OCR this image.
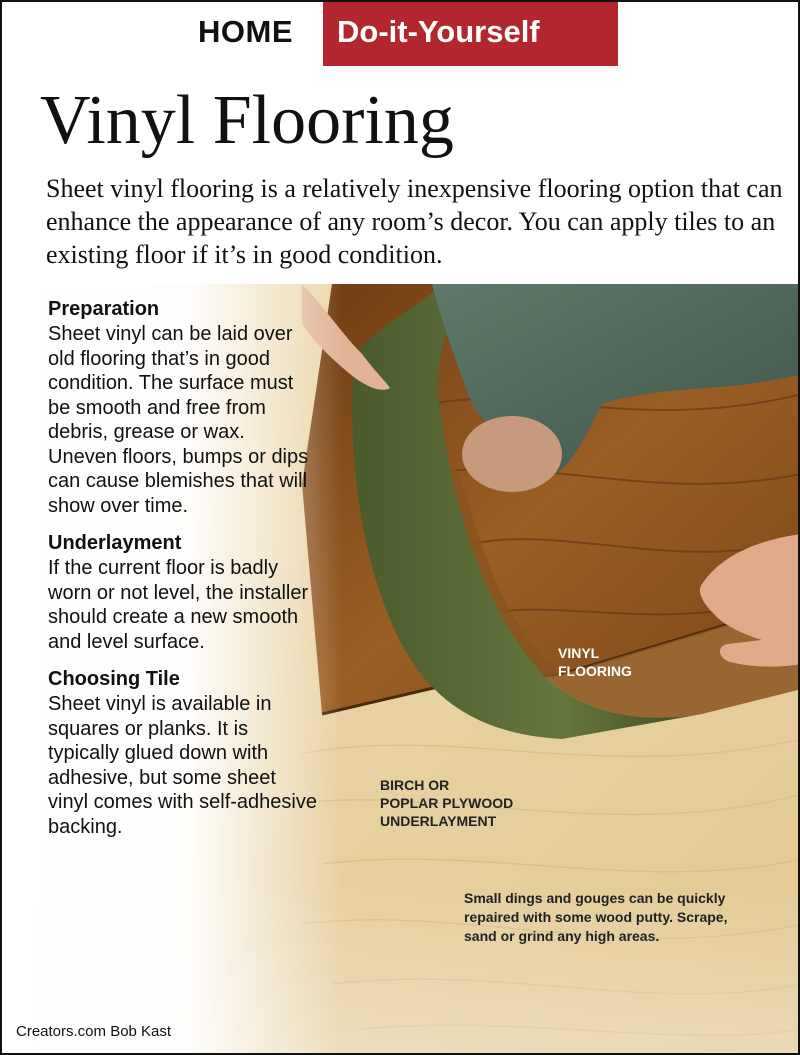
HOME Do-it-Yourself
Vinyl Flooring
Sheet vinyl flooring is a relatively inexpensive flooring option that can enhance the appearance of any room’s decor. You can apply tiles to an existing floor if it’s in good condition.

Preparation

Sheet vinyl can be laid over old flooring that’s in good condition. The surface must be smooth and free from debris, grease or wax. Uneven floors, bumps or dips can cause blemishes that will show over time.

Underlayment

If the current floor is badly worn or not level, the installer should create a new smooth and level surface.

Choosing Tile

Sheet vinyl is available in squares or planks. It is typically glued down with adhesive, but some sheet vinyl comes with self-adhesive backing.

VINYL
FLOORING
BIRCH OR
POPLAR PLYWOOD
UNDERLAYMENT
Small dings and gouges can be quickly repaired with some wood putty. Scrape, sand or grind any high areas.
Creators.com Bob Kast
